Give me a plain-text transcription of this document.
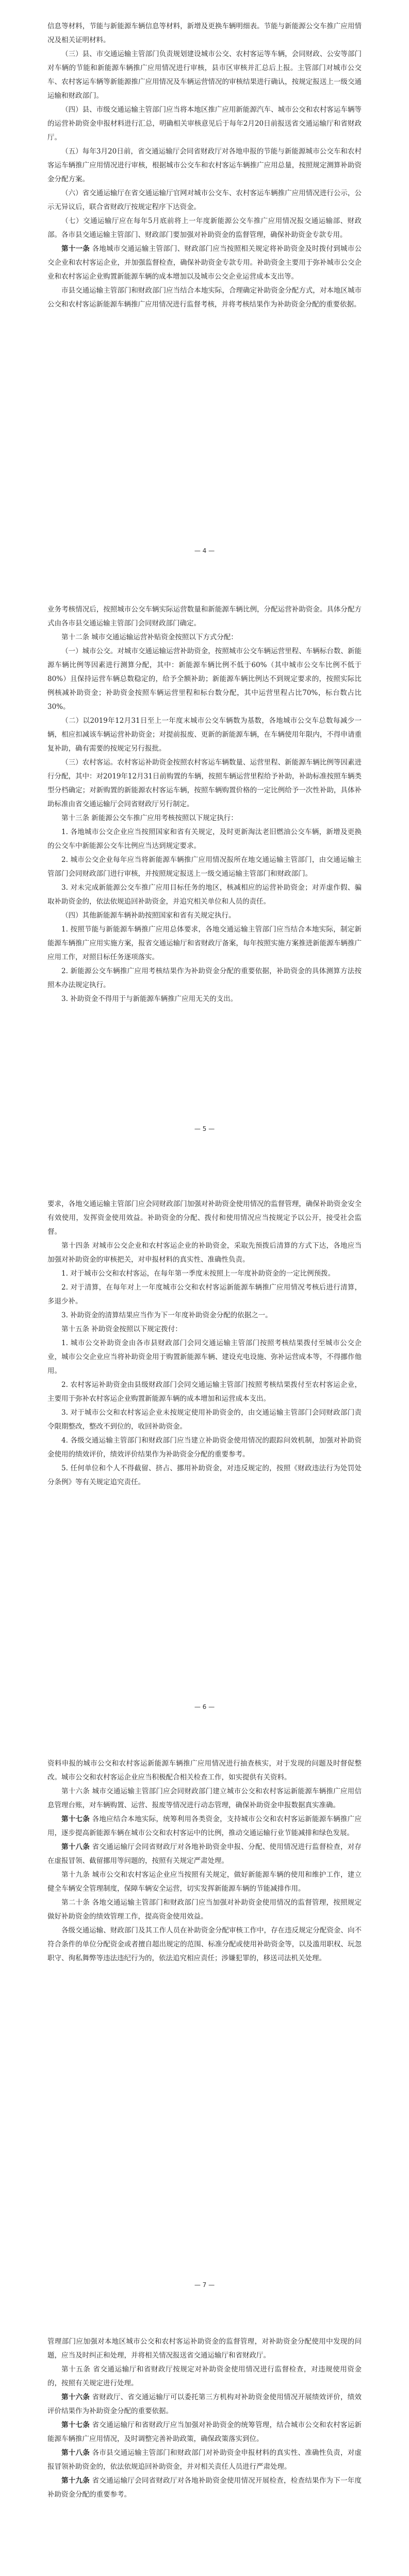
信息等材料，节能与新能源车辆信息等材料，新增及更换车辆明细表。节能与新能源公交车推广应用情况及相关证明材料。

（三）县、市交通运输主管部门负责规划建设城市公交、农村客运等车辆，会同财政、公安等部门对车辆的节能和新能源车辆推广应用情况进行审核，县市区审核并汇总后上报。主管部门对城市公交车、农村客运车辆等新能源推广应用情况及车辆运营情况的审核结果进行确认，按规定报送上一级交通运输和财政部门。

（四）县、市级交通运输主管部门应当将本地区推广应用新能源汽车、城市公交和农村客运车辆等的运营补助资金申报材料进行汇总，明确相关审核意见后于每年2月20日前报送省交通运输厅和省财政厅。

（五）每年3月20日前，省交通运输厅会同省财政厅对各地申报的节能与新能源城市公交车和农村客运车辆推广应用情况进行审核，根据城市公交车和农村客运车辆推广应用总量，按照规定测算补助资金分配方案。

（六）省交通运输厅在省交通运输厅官网对城市公交车、农村客运车辆推广应用情况进行公示，公示无异议后，联合省财政厅按规定程序下达资金。

（七）交通运输厅应在每年5月底前将上一年度新能源公交车推广应用情况报交通运输部、财政部。各市县交通运输主管部门、财政部门要加强对补助资金的监督管理，确保补助资金专款专用。

第十一条 各地城市交通运输主管部门、财政部门应当按照相关规定将补助资金及时拨付到城市公交企业和农村客运企业，并加强监督检查，确保补助资金专款专用。补助资金主要用于弥补城市公交企业和农村客运企业购置新能源车辆的成本增加以及城市公交企业运营成本支出等。

市县交通运输主管部门和财政部门应当结合本地实际，合理确定补助资金分配方式，对本地区城市公交和农村客运新能源车辆推广应用情况进行监督考核，并将考核结果作为补助资金分配的重要依据。

— 4 —

业务考核情况后，按照城市公交车辆实际运营数量和新能源车辆比例，分配运营补助资金。具体分配方式由各市县交通运输主管部门会同财政部门确定。

第十二条 城市交通运输运营补贴资金按照以下方式分配：

（一）城市公交。对城市交通运输运营补助资金，按照城市公交车辆运营里程、车辆标台数、新能源车辆比例等因素进行测算分配，其中：新能源车辆比例不低于60%（其中城市公交车比例不低于80%）且保持运营车辆总数稳定的，给予全额补助；新能源车辆比例达不到规定要求的，按照实际比例核减补助资金；补助资金按照车辆运营里程和标台数分配，其中运营里程占比70%，标台数占比30%。

（二）以2019年12月31日至上一年度末城市公交车辆数为基数，各地城市公交车总数每减少一辆，相应扣减该车辆运营补助资金；对提前报废、更新的新能源车辆，在车辆使用年限内，不得申请重复补助，确有需要的按规定另行报批。

（三）农村客运。农村客运补助资金按照农村客运车辆数量、运营里程、新能源车辆比例等因素进行分配，其中：对2019年12月31日前购置的车辆，按照车辆运营里程给予补助，补助标准按照车辆类型分档确定；对新购置的新能源农村客运车辆，按照车辆购置价格的一定比例给予一次性补助，具体补助标准由省交通运输厅会同省财政厅另行制定。

第十三条 新能源公交车推广应用考核按照以下规定执行：

1. 各地城市公交企业应当按照国家和省有关规定，及时更新淘汰老旧燃油公交车辆，新增及更换的公交车中新能源公交车比例应当达到规定要求。

2. 城市公交企业每年应当将新能源车辆推广应用情况报所在地交通运输主管部门，由交通运输主管部门会同财政部门进行审核，并按照规定报送上一级交通运输主管部门和财政部门。

3. 对未完成新能源公交车推广应用目标任务的地区，核减相应的运营补助资金；对弄虚作假、骗取补助资金的，依法依规追回补助资金，并追究相关单位和人员的责任。

（四）其他新能源车辆补助按照国家和省有关规定执行。

1. 按照节能与新能源车辆推广应用总体要求，各地交通运输主管部门应当结合本地实际，制定新能源车辆推广应用实施方案，报省交通运输厅和省财政厅备案，每年按照实施方案推进新能源车辆推广应用工作，对照目标任务逐项落实。

2. 新能源公交车辆推广应用考核结果作为补助资金分配的重要依据，补助资金的具体测算方法按照本办法规定执行。

3. 补助资金不得用于与新能源车辆推广应用无关的支出。

— 5 —

要求，各地交通运输主管部门应会同财政部门加强对补助资金使用情况的监督管理，确保补助资金安全有效使用，发挥资金使用效益。补助资金的分配、拨付和使用情况应当按规定予以公开，接受社会监督。

第十四条 对城市公交企业和农村客运企业的补助资金，采取先预拨后清算的方式下达，各地应当加强对补助资金的审核把关，对申报材料的真实性、准确性负责。

1. 对于城市公交和农村客运，在每年第一季度末按照上一年度补助资金的一定比例预拨。

2. 对于清算，在每年对上一年度城市公交和农村客运新能源车辆推广应用情况考核后进行清算，多退少补。

3. 补助资金的清算结果应当作为下一年度补助资金分配的依据之一。

第十五条 补助资金按照以下规定拨付：

1. 城市公交补助资金由各市县财政部门会同交通运输主管部门按照考核结果拨付至城市公交企业，城市公交企业应当将补助资金用于购置新能源车辆、建设充电设施、弥补运营成本等，不得挪作他用。

2. 农村客运补助资金由县级财政部门会同交通运输主管部门按照考核结果拨付至农村客运企业，主要用于弥补农村客运企业购置新能源车辆的成本增加和运营成本支出。

3. 对于城市公交和农村客运企业未按规定使用补助资金的，由交通运输主管部门会同财政部门责令限期整改，整改不到位的，收回补助资金。

4. 各级交通运输主管部门和财政部门应当建立补助资金使用情况的跟踪问效机制，加强对补助资金使用的绩效评价，绩效评价结果作为补助资金分配的重要参考。

5. 任何单位和个人不得截留、挤占、挪用补助资金，对违反规定的，按照《财政违法行为处罚处分条例》等有关规定追究责任。

— 6 —

资料申报的城市公交和农村客运新能源车辆推广应用情况进行抽查核实，对于发现的问题及时督促整改。城市公交和农村客运企业应当积极配合相关检查工作，如实提供有关资料。

第十六条 城市交通运输主管部门应会同财政部门建立城市公交和农村客运新能源车辆推广应用信息管理台账，对车辆购置、运营、报废等情况进行动态管理，确保补助资金申报数据真实准确。

第十七条 各地应结合本地实际，统筹利用各类资金，支持城市公交和农村客运新能源车辆推广应用，逐步提高新能源车辆在城市公交和农村客运中的比例，推动交通运输行业节能减排和绿色发展。

第十八条 省交通运输厅会同省财政厅对各地补助资金申报、分配、使用情况进行监督检查，对存在虚报冒领、截留挪用等问题的，按照有关规定严肃处理。

第十九条 城市公交和农村客运企业应当按照有关规定，做好新能源车辆的使用和维护工作，建立健全车辆安全管理制度，保障车辆安全运营，切实发挥新能源车辆的节能减排作用。

第二十条 各地交通运输主管部门和财政部门应当加强对补助资金使用情况的监督管理，按照规定做好补助资金的绩效管理工作，提高资金使用效益。

各级交通运输、财政部门及其工作人员在补助资金分配审核工作中，存在违反规定分配资金、向不符合条件的单位分配资金或者擅自超出规定的范围、标准分配或使用补助资金等，以及滥用职权、玩忽职守、徇私舞弊等违法违纪行为的，依法追究相应责任；涉嫌犯罪的，移送司法机关处理。

— 7 —

管理部门应加强对本地区城市公交和农村客运补助资金的监督管理，对补助资金分配使用中发现的问题，应当及时纠正和处理，并将相关情况报送省交通运输厅和省财政厅。

第十五条 省交通运输厅和省财政厅按规定对补助资金使用情况进行监督检查，对违规使用资金的，按照有关规定进行处理。

第十六条 省财政厅、省交通运输厅可以委托第三方机构对补助资金使用情况开展绩效评价，绩效评价结果作为补助资金分配的重要依据。

第十七条 省交通运输厅和省财政厅应当加强对补助资金的统筹管理，结合城市公交和农村客运新能源车辆推广应用情况，及时调整完善补助政策，确保政策落实到位。

第十八条 各市县交通运输主管部门和财政部门对补助资金申报材料的真实性、准确性负责，对虚报冒领补助资金的，依法依规追回补助资金，并对相关责任人员进行严肃处理。

第十九条 省交通运输厅会同省财政厅对各地补助资金使用情况开展检查，检查结果作为下一年度补助资金分配的重要参考。
